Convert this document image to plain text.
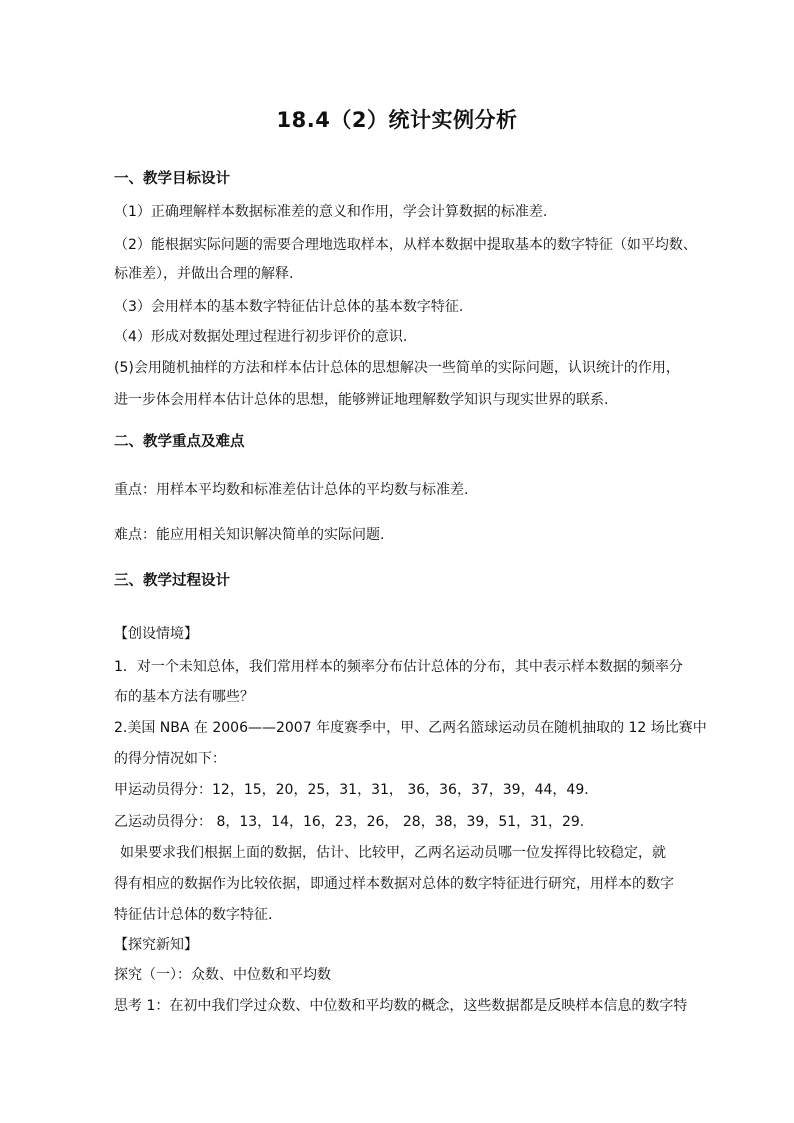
18.4（2）统计实例分析
一、教学目标设计
（1）正确理解样本数据标准差的意义和作用，学会计算数据的标准差.
（2）能根据实际问题的需要合理地选取样本，从样本数据中提取基本的数字特征（如平均数、
标准差），并做出合理的解释.
（3）会用样本的基本数字特征估计总体的基本数字特征.
（4）形成对数据处理过程进行初步评价的意识.
(5)会用随机抽样的方法和样本估计总体的思想解决一些简单的实际问题，认识统计的作用，
进一步体会用样本估计总体的思想，能够辨证地理解数学知识与现实世界的联系.
二、教学重点及难点
重点：用样本平均数和标准差估计总体的平均数与标准差.
难点：能应用相关知识解决简单的实际问题.
三、教学过程设计
【创设情境】
1．对一个未知总体，我们常用样本的频率分布估计总体的分布，其中表示样本数据的频率分
布的基本方法有哪些？
2.美国 NBA 在 2006——2007 年度赛季中，甲、乙两名篮球运动员在随机抽取的 12 场比赛中
的得分情况如下：
甲运动员得分：12，15，20，25，31，31， 36，36，37，39，44，49.
乙运动员得分： 8，13，14，16，23，26， 28，38，39，51，31，29.
如果要求我们根据上面的数据，估计、比较甲，乙两名运动员哪一位发挥得比较稳定，就
得有相应的数据作为比较依据，即通过样本数据对总体的数字特征进行研究，用样本的数字
特征估计总体的数字特征.
【探究新知】
探究（一）：众数、中位数和平均数
思考 1：在初中我们学过众数、中位数和平均数的概念，这些数据都是反映样本信息的数字特
